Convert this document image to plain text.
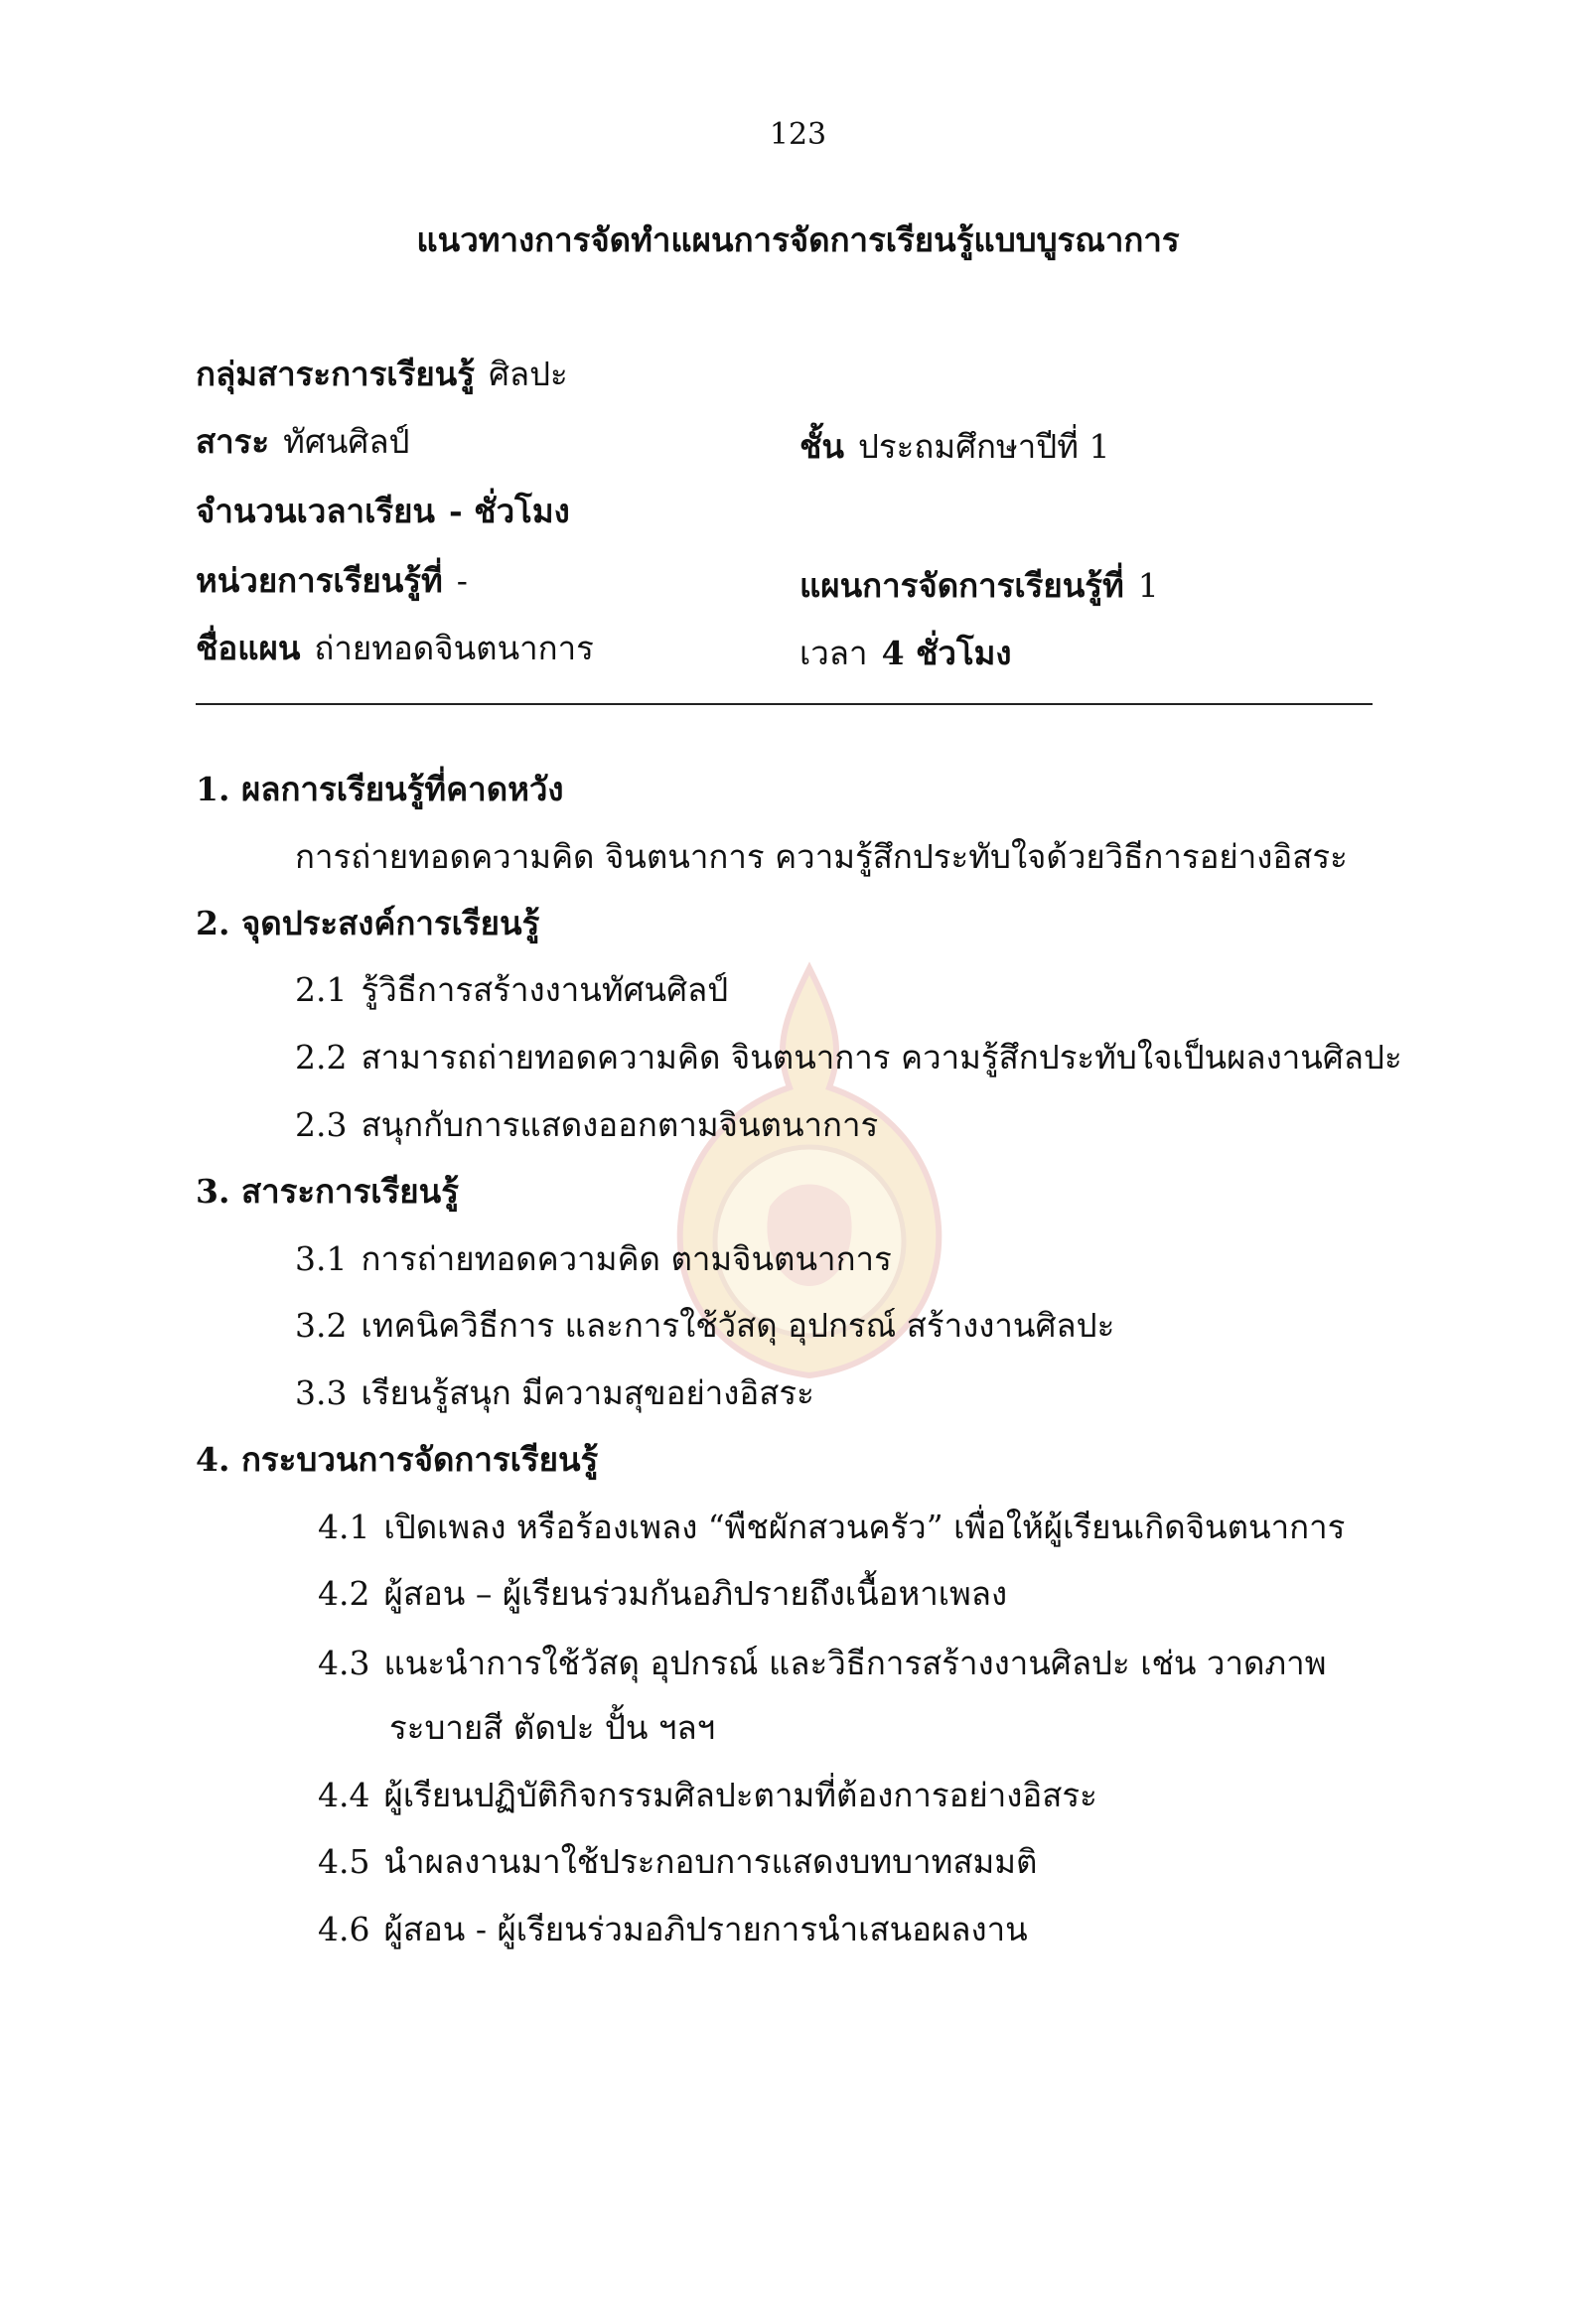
123
แนวทางการจัดทำแผนการจัดการเรียนรู้แบบบูรณาการ
กลุ่มสาระการเรียนรู้ ศิลปะ
สาระ ทัศนศิลป์	ชั้น ประถมศึกษาปีที่ 1
จำนวนเวลาเรียน - ชั่วโมง
หน่วยการเรียนรู้ที่ -	แผนการจัดการเรียนรู้ที่ 1
ชื่อแผน ถ่ายทอดจินตนาการ	เวลา 4 ชั่วโมง
1. ผลการเรียนรู้ที่คาดหวัง
การถ่ายทอดความคิด จินตนาการ ความรู้สึกประทับใจด้วยวิธีการอย่างอิสระ
2. จุดประสงค์การเรียนรู้
2.1 รู้วิธีการสร้างงานทัศนศิลป์
2.2 สามารถถ่ายทอดความคิด จินตนาการ ความรู้สึกประทับใจเป็นผลงานศิลปะ
2.3 สนุกกับการแสดงออกตามจินตนาการ
3. สาระการเรียนรู้
3.1 การถ่ายทอดความคิด ตามจินตนาการ
3.2 เทคนิควิธีการ และการใช้วัสดุ อุปกรณ์ สร้างงานศิลปะ
3.3 เรียนรู้สนุก มีความสุขอย่างอิสระ
4. กระบวนการจัดการเรียนรู้
4.1 เปิดเพลง หรือร้องเพลง “พืชผักสวนครัว” เพื่อให้ผู้เรียนเกิดจินตนาการ
4.2 ผู้สอน – ผู้เรียนร่วมกันอภิปรายถึงเนื้อหาเพลง
4.3 แนะนำการใช้วัสดุ อุปกรณ์ และวิธีการสร้างงานศิลปะ เช่น วาดภาพ
ระบายสี ตัดปะ ปั้น ฯลฯ
4.4 ผู้เรียนปฏิบัติกิจกรรมศิลปะตามที่ต้องการอย่างอิสระ
4.5 นำผลงานมาใช้ประกอบการแสดงบทบาทสมมติ
4.6 ผู้สอน - ผู้เรียนร่วมอภิปรายการนำเสนอผลงาน
